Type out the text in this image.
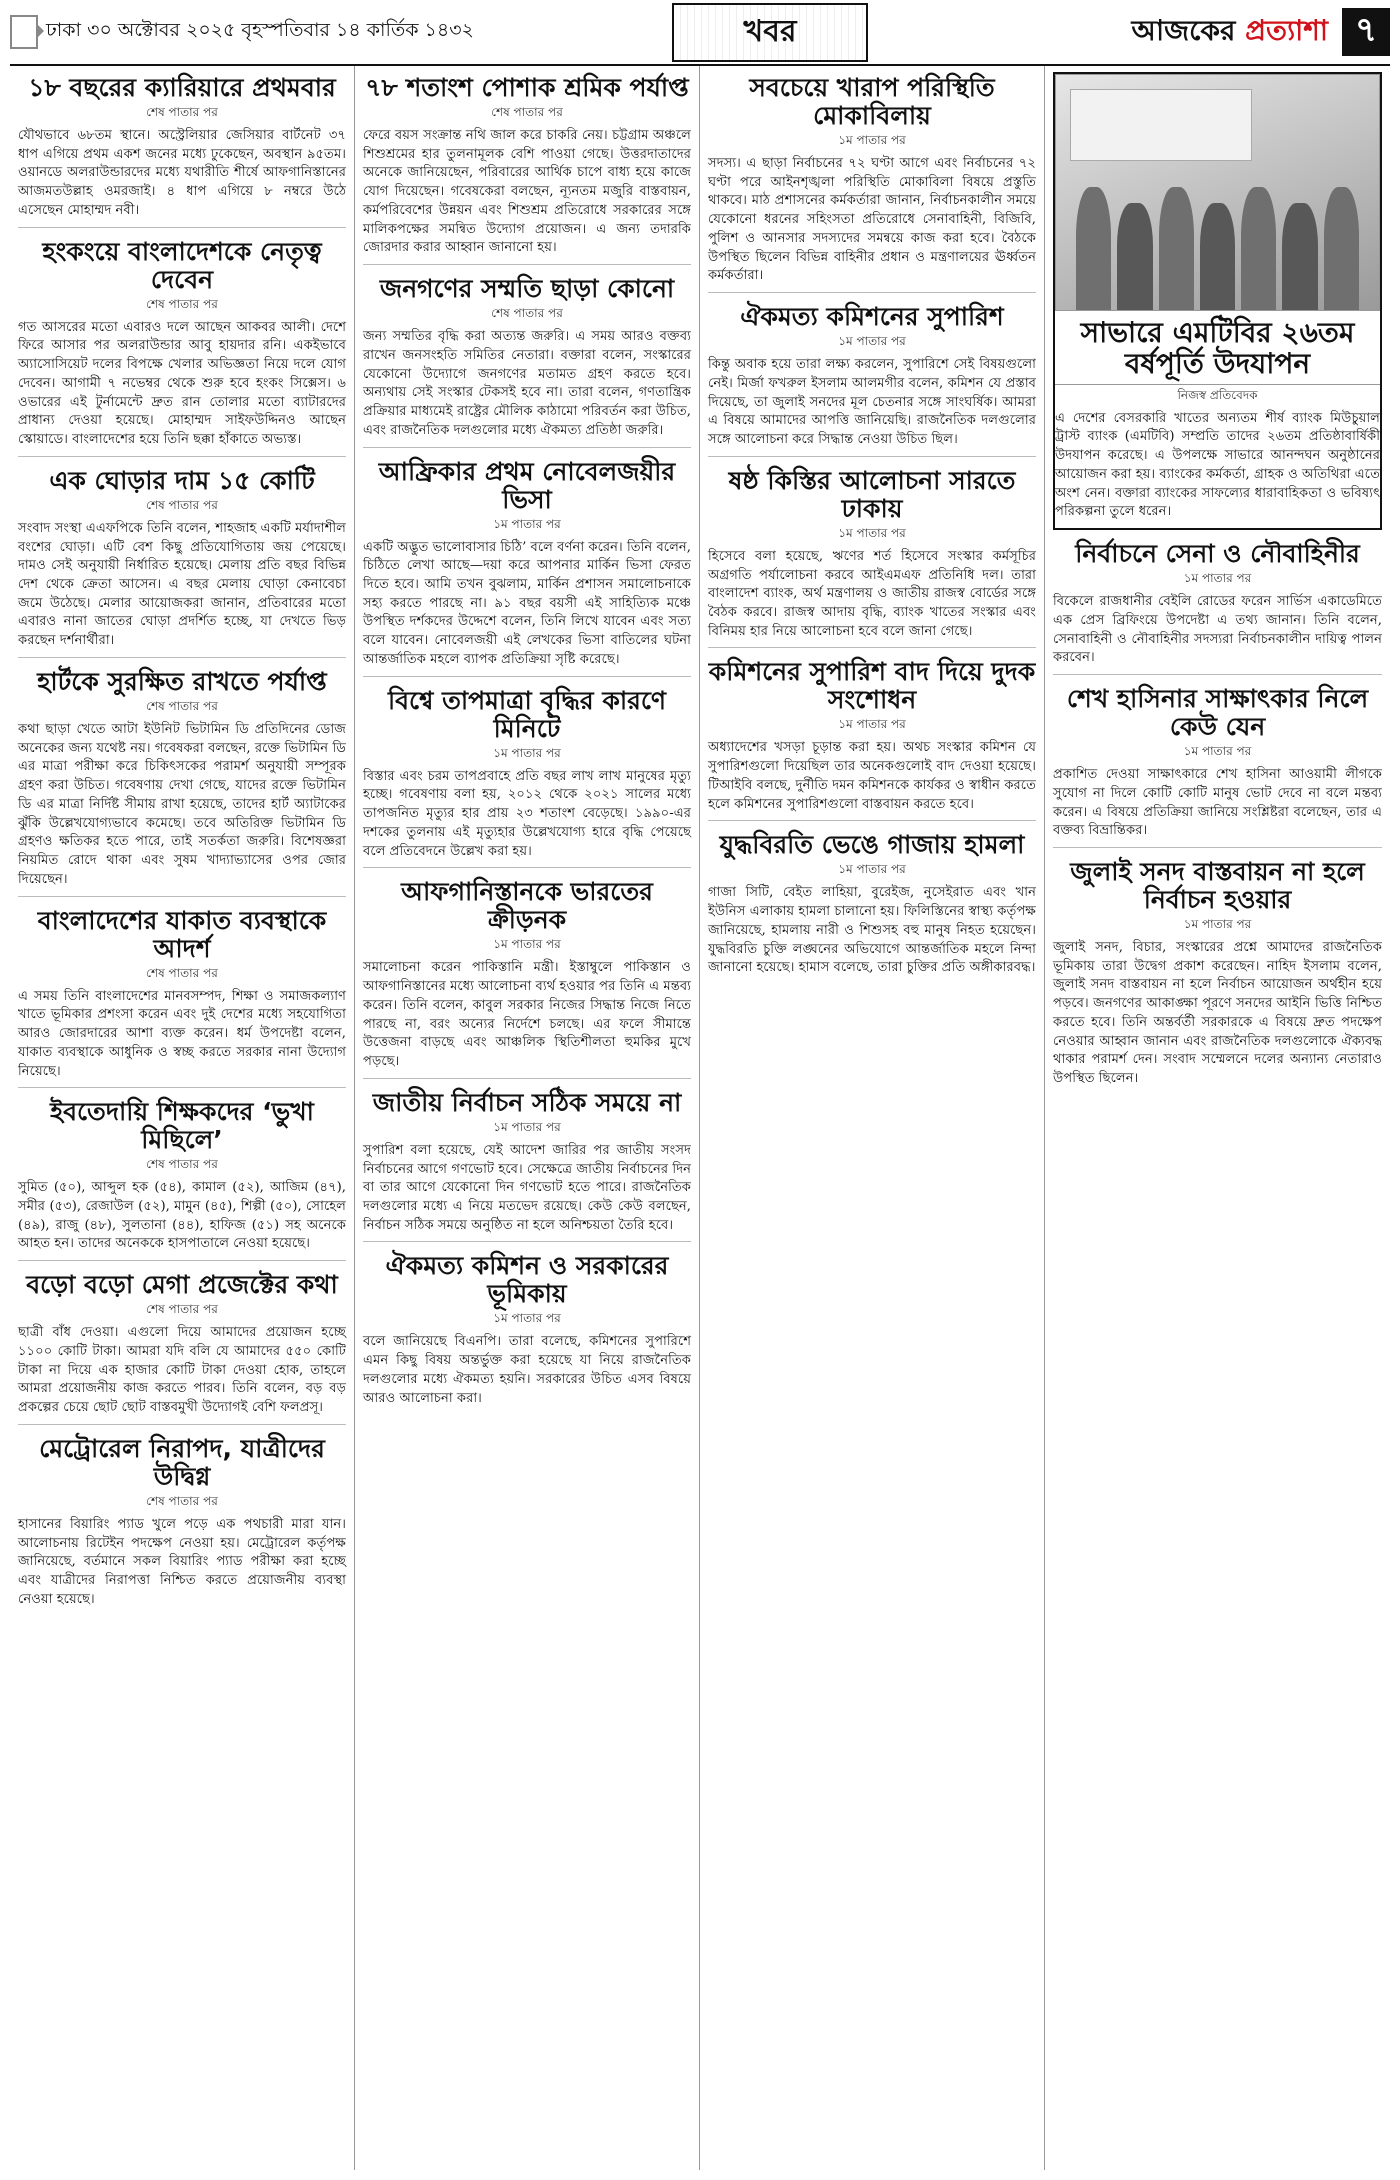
ঢাকা ৩০ অক্টোবর ২০২৫ বৃহস্পতিবার ১৪ কার্তিক ১৪৩২	খবর	আজকের প্রত্যাশা ৭
১৮ বছরের ক্যারিয়ারে প্রথমবার
শেষ পাতার পর

যৌথভাবে ৬৮তম স্থানে। অস্ট্রেলিয়ার জেসিয়ার বার্টনেট ৩৭ ধাপ এগিয়ে প্রথম একশ জনের মধ্যে ঢুকেছেন, অবস্থান ৯৫তম। ওয়ানডে অলরাউন্ডারদের মধ্যে যথারীতি শীর্ষে আফগানিস্তানের আজমতউল্লাহ ওমরজাই। ৪ ধাপ এগিয়ে ৮ নম্বরে উঠে এসেছেন মোহাম্মদ নবী।

হংকংয়ে বাংলাদেশকে নেতৃত্ব দেবেন
শেষ পাতার পর

গত আসরের মতো এবারও দলে আছেন আকবর আলী। দেশে ফিরে আসার পর অলরাউন্ডার আবু হায়দার রনি। একইভাবে অ্যাসোসিয়েট দলের বিপক্ষে খেলার অভিজ্ঞতা নিয়ে দলে যোগ দেবেন। আগামী ৭ নভেম্বর থেকে শুরু হবে হংকং সিক্সেস। ৬ ওভারের এই টুর্নামেন্টে দ্রুত রান তোলার মতো ব্যাটারদের প্রাধান্য দেওয়া হয়েছে। মোহাম্মদ সাইফউদ্দিনও আছেন স্কোয়াডে। বাংলাদেশের হয়ে তিনি ছক্কা হাঁকাতে অভ্যস্ত।

এক ঘোড়ার দাম ১৫ কোটি
শেষ পাতার পর

সংবাদ সংস্থা এএফপিকে তিনি বলেন, শাহজাহ একটি মর্যাদাশীল বংশের ঘোড়া। এটি বেশ কিছু প্রতিযোগিতায় জয় পেয়েছে। দামও সেই অনুযায়ী নির্ধারিত হয়েছে। মেলায় প্রতি বছর বিভিন্ন দেশ থেকে ক্রেতা আসেন। এ বছর মেলায় ঘোড়া কেনাবেচা জমে উঠেছে। মেলার আয়োজকরা জানান, প্রতিবারের মতো এবারও নানা জাতের ঘোড়া প্রদর্শিত হচ্ছে, যা দেখতে ভিড় করছেন দর্শনার্থীরা।

হার্টকে সুরক্ষিত রাখতে পর্যাপ্ত
শেষ পাতার পর

কথা ছাড়া খেতে আটা ইউনিট ভিটামিন ডি প্রতিদিনের ডোজ অনেকের জন্য যথেষ্ট নয়। গবেষকরা বলছেন, রক্তে ভিটামিন ডি এর মাত্রা পরীক্ষা করে চিকিৎসকের পরামর্শ অনুযায়ী সম্পূরক গ্রহণ করা উচিত। গবেষণায় দেখা গেছে, যাদের রক্তে ভিটামিন ডি এর মাত্রা নির্দিষ্ট সীমায় রাখা হয়েছে, তাদের হার্ট অ্যাটাকের ঝুঁকি উল্লেখযোগ্যভাবে কমেছে। তবে অতিরিক্ত ভিটামিন ডি গ্রহণও ক্ষতিকর হতে পারে, তাই সতর্কতা জরুরি। বিশেষজ্ঞরা নিয়মিত রোদে থাকা এবং সুষম খাদ্যাভ্যাসের ওপর জোর দিয়েছেন।

বাংলাদেশের যাকাত ব্যবস্থাকে আদর্শ
শেষ পাতার পর

এ সময় তিনি বাংলাদেশের মানবসম্পদ, শিক্ষা ও সমাজকল্যাণ খাতে ভূমিকার প্রশংসা করেন এবং দুই দেশের মধ্যে সহযোগিতা আরও জোরদারের আশা ব্যক্ত করেন। ধর্ম উপদেষ্টা বলেন, যাকাত ব্যবস্থাকে আধুনিক ও স্বচ্ছ করতে সরকার নানা উদ্যোগ নিয়েছে।

ইবতেদায়ি শিক্ষকদের ‘ভুখা মিছিলে’
শেষ পাতার পর

সুমিত (৫০), আব্দুল হক (৫৪), কামাল (৫২), আজিম (৪৭), সমীর (৫৩), রেজাউল (৫২), মামুন (৪৫), শিল্পী (৫০), সোহেল (৪৯), রাজু (৪৮), সুলতানা (৪৪), হাফিজ (৫১) সহ অনেকে আহত হন। তাদের অনেককে হাসপাতালে নেওয়া হয়েছে।

বড়ো বড়ো মেগা প্রজেক্টের কথা
শেষ পাতার পর

ছাত্রী বাঁধ দেওয়া। এগুলো দিয়ে আমাদের প্রয়োজন হচ্ছে ১১০০ কোটি টাকা। আমরা যদি বলি যে আমাদের ৫৫০ কোটি টাকা না দিয়ে এক হাজার কোটি টাকা দেওয়া হোক, তাহলে আমরা প্রয়োজনীয় কাজ করতে পারব। তিনি বলেন, বড় বড় প্রকল্পের চেয়ে ছোট ছোট বাস্তবমুখী উদ্যোগই বেশি ফলপ্রসূ।

মেট্রোরেল নিরাপদ, যাত্রীদের উদ্বিগ্ন
শেষ পাতার পর

হাসানের বিয়ারিং প্যাড খুলে পড়ে এক পথচারী মারা যান। আলোচনায় রিটেইন পদক্ষেপ নেওয়া হয়। মেট্রোরেল কর্তৃপক্ষ জানিয়েছে, বর্তমানে সকল বিয়ারিং প্যাড পরীক্ষা করা হচ্ছে এবং যাত্রীদের নিরাপত্তা নিশ্চিত করতে প্রয়োজনীয় ব্যবস্থা নেওয়া হয়েছে।

৭৮ শতাংশ পোশাক শ্রমিক পর্যাপ্ত
শেষ পাতার পর

ফেরে বয়স সংক্রান্ত নথি জাল করে চাকরি নেয়। চট্টগ্রাম অঞ্চলে শিশুশ্রমের হার তুলনামূলক বেশি পাওয়া গেছে। উত্তরদাতাদের অনেকে জানিয়েছেন, পরিবারের আর্থিক চাপে বাধ্য হয়ে কাজে যোগ দিয়েছেন। গবেষকেরা বলছেন, ন্যূনতম মজুরি বাস্তবায়ন, কর্মপরিবেশের উন্নয়ন এবং শিশুশ্রম প্রতিরোধে সরকারের সঙ্গে মালিকপক্ষের সমন্বিত উদ্যোগ প্রয়োজন। এ জন্য তদারকি জোরদার করার আহ্বান জানানো হয়।

জনগণের সম্মতি ছাড়া কোনো
শেষ পাতার পর

জন্য সম্মতির বৃদ্ধি করা অত্যন্ত জরুরি। এ সময় আরও বক্তব্য রাখেন জনসংহতি সমিতির নেতারা। বক্তারা বলেন, সংস্কারের যেকোনো উদ্যোগে জনগণের মতামত গ্রহণ করতে হবে। অন্যথায় সেই সংস্কার টেকসই হবে না। তারা বলেন, গণতান্ত্রিক প্রক্রিয়ার মাধ্যমেই রাষ্ট্রের মৌলিক কাঠামো পরিবর্তন করা উচিত, এবং রাজনৈতিক দলগুলোর মধ্যে ঐকমত্য প্রতিষ্ঠা জরুরি।

আফ্রিকার প্রথম নোবেলজয়ীর ভিসা
১ম পাতার পর

একটি অদ্ভুত ভালোবাসার চিঠি’ বলে বর্ণনা করেন। তিনি বলেন, চিঠিতে লেখা আছে—দয়া করে আপনার মার্কিন ভিসা ফেরত দিতে হবে। আমি তখন বুঝলাম, মার্কিন প্রশাসন সমালোচনাকে সহ্য করতে পারছে না। ৯১ বছর বয়সী এই সাহিত্যিক মঞ্চে উপস্থিত দর্শকদের উদ্দেশে বলেন, তিনি লিখে যাবেন এবং সত্য বলে যাবেন। নোবেলজয়ী এই লেখকের ভিসা বাতিলের ঘটনা আন্তর্জাতিক মহলে ব্যাপক প্রতিক্রিয়া সৃষ্টি করেছে।

বিশ্বে তাপমাত্রা বৃদ্ধির কারণে মিনিটে
১ম পাতার পর

বিস্তার এবং চরম তাপপ্রবাহে প্রতি বছর লাখ লাখ মানুষের মৃত্যু হচ্ছে। গবেষণায় বলা হয়, ২০১২ থেকে ২০২১ সালের মধ্যে তাপজনিত মৃত্যুর হার প্রায় ২৩ শতাংশ বেড়েছে। ১৯৯০-এর দশকের তুলনায় এই মৃত্যুহার উল্লেখযোগ্য হারে বৃদ্ধি পেয়েছে বলে প্রতিবেদনে উল্লেখ করা হয়।

আফগানিস্তানকে ভারতের ক্রীড়নক
১ম পাতার পর

সমালোচনা করেন পাকিস্তানি মন্ত্রী। ইস্তাম্বুলে পাকিস্তান ও আফগানিস্তানের মধ্যে আলোচনা ব্যর্থ হওয়ার পর তিনি এ মন্তব্য করেন। তিনি বলেন, কাবুল সরকার নিজের সিদ্ধান্ত নিজে নিতে পারছে না, বরং অন্যের নির্দেশে চলছে। এর ফলে সীমান্তে উত্তেজনা বাড়ছে এবং আঞ্চলিক স্থিতিশীলতা হুমকির মুখে পড়ছে।

জাতীয় নির্বাচন সঠিক সময়ে না
১ম পাতার পর

সুপারিশ বলা হয়েছে, যেই আদেশ জারির পর জাতীয় সংসদ নির্বাচনের আগে গণভোট হবে। সেক্ষেত্রে জাতীয় নির্বাচনের দিন বা তার আগে যেকোনো দিন গণভোট হতে পারে। রাজনৈতিক দলগুলোর মধ্যে এ নিয়ে মতভেদ রয়েছে। কেউ কেউ বলছেন, নির্বাচন সঠিক সময়ে অনুষ্ঠিত না হলে অনিশ্চয়তা তৈরি হবে।

ঐকমত্য কমিশন ও সরকারের ভূমিকায়
১ম পাতার পর

বলে জানিয়েছে বিএনপি। তারা বলেছে, কমিশনের সুপারিশে এমন কিছু বিষয় অন্তর্ভুক্ত করা হয়েছে যা নিয়ে রাজনৈতিক দলগুলোর মধ্যে ঐকমত্য হয়নি। সরকারের উচিত এসব বিষয়ে আরও আলোচনা করা।

সবচেয়ে খারাপ পরিস্থিতি মোকাবিলায়
১ম পাতার পর

সদস্য। এ ছাড়া নির্বাচনের ৭২ ঘণ্টা আগে এবং নির্বাচনের ৭২ ঘণ্টা পরে আইনশৃঙ্খলা পরিস্থিতি মোকাবিলা বিষয়ে প্রস্তুতি থাকবে। মাঠ প্রশাসনের কর্মকর্তারা জানান, নির্বাচনকালীন সময়ে যেকোনো ধরনের সহিংসতা প্রতিরোধে সেনাবাহিনী, বিজিবি, পুলিশ ও আনসার সদস্যদের সমন্বয়ে কাজ করা হবে। বৈঠকে উপস্থিত ছিলেন বিভিন্ন বাহিনীর প্রধান ও মন্ত্রণালয়ের ঊর্ধ্বতন কর্মকর্তারা।

ঐকমত্য কমিশনের সুপারিশ
১ম পাতার পর

কিন্তু অবাক হয়ে তারা লক্ষ্য করলেন, সুপারিশে সেই বিষয়গুলো নেই। মির্জা ফখরুল ইসলাম আলমগীর বলেন, কমিশন যে প্রস্তাব দিয়েছে, তা জুলাই সনদের মূল চেতনার সঙ্গে সাংঘর্ষিক। আমরা এ বিষয়ে আমাদের আপত্তি জানিয়েছি। রাজনৈতিক দলগুলোর সঙ্গে আলোচনা করে সিদ্ধান্ত নেওয়া উচিত ছিল।

ষষ্ঠ কিস্তির আলোচনা সারতে ঢাকায়
১ম পাতার পর

হিসেবে বলা হয়েছে, ঋণের শর্ত হিসেবে সংস্কার কর্মসূচির অগ্রগতি পর্যালোচনা করবে আইএমএফ প্রতিনিধি দল। তারা বাংলাদেশ ব্যাংক, অর্থ মন্ত্রণালয় ও জাতীয় রাজস্ব বোর্ডের সঙ্গে বৈঠক করবে। রাজস্ব আদায় বৃদ্ধি, ব্যাংক খাতের সংস্কার এবং বিনিময় হার নিয়ে আলোচনা হবে বলে জানা গেছে।

কমিশনের সুপারিশ বাদ দিয়ে দুদক সংশোধন
১ম পাতার পর

অধ্যাদেশের খসড়া চূড়ান্ত করা হয়। অথচ সংস্কার কমিশন যে সুপারিশগুলো দিয়েছিল তার অনেকগুলোই বাদ দেওয়া হয়েছে। টিআইবি বলছে, দুর্নীতি দমন কমিশনকে কার্যকর ও স্বাধীন করতে হলে কমিশনের সুপারিশগুলো বাস্তবায়ন করতে হবে।

যুদ্ধবিরতি ভেঙে গাজায় হামলা
১ম পাতার পর

গাজা সিটি, বেইত লাহিয়া, বুরেইজ, নুসেইরাত এবং খান ইউনিস এলাকায় হামলা চালানো হয়। ফিলিস্তিনের স্বাস্থ্য কর্তৃপক্ষ জানিয়েছে, হামলায় নারী ও শিশুসহ বহু মানুষ নিহত হয়েছেন। যুদ্ধবিরতি চুক্তি লঙ্ঘনের অভিযোগে আন্তর্জাতিক মহলে নিন্দা জানানো হয়েছে। হামাস বলেছে, তারা চুক্তির প্রতি অঙ্গীকারবদ্ধ।

সাভারে এমটিবির ২৬তম বর্ষপূর্তি উদযাপন
নিজস্ব প্রতিবেদক

এ দেশের বেসরকারি খাতের অন্যতম শীর্ষ ব্যাংক মিউচুয়াল ট্রাস্ট ব্যাংক (এমটিবি) সম্প্রতি তাদের ২৬তম প্রতিষ্ঠাবার্ষিকী উদযাপন করেছে। এ উপলক্ষে সাভারে আনন্দঘন অনুষ্ঠানের আয়োজন করা হয়। ব্যাংকের কর্মকর্তা, গ্রাহক ও অতিথিরা এতে অংশ নেন। বক্তারা ব্যাংকের সাফল্যের ধারাবাহিকতা ও ভবিষ্যৎ পরিকল্পনা তুলে ধরেন।

নির্বাচনে সেনা ও নৌবাহিনীর
১ম পাতার পর

বিকেলে রাজধানীর বেইলি রোডের ফরেন সার্ভিস একাডেমিতে এক প্রেস ব্রিফিংয়ে উপদেষ্টা এ তথ্য জানান। তিনি বলেন, সেনাবাহিনী ও নৌবাহিনীর সদস্যরা নির্বাচনকালীন দায়িত্ব পালন করবেন।

শেখ হাসিনার সাক্ষাৎকার নিলে কেউ যেন
১ম পাতার পর

প্রকাশিত দেওয়া সাক্ষাৎকারে শেখ হাসিনা আওয়ামী লীগকে সুযোগ না দিলে কোটি কোটি মানুষ ভোট দেবে না বলে মন্তব্য করেন। এ বিষয়ে প্রতিক্রিয়া জানিয়ে সংশ্লিষ্টরা বলেছেন, তার এ বক্তব্য বিভ্রান্তিকর।

জুলাই সনদ বাস্তবায়ন না হলে নির্বাচন হওয়ার
১ম পাতার পর

জুলাই সনদ, বিচার, সংস্কারের প্রশ্নে আমাদের রাজনৈতিক ভূমিকায় তারা উদ্বেগ প্রকাশ করেছেন। নাহিদ ইসলাম বলেন, জুলাই সনদ বাস্তবায়ন না হলে নির্বাচন আয়োজন অর্থহীন হয়ে পড়বে। জনগণের আকাঙ্ক্ষা পূরণে সনদের আইনি ভিত্তি নিশ্চিত করতে হবে। তিনি অন্তর্বর্তী সরকারকে এ বিষয়ে দ্রুত পদক্ষেপ নেওয়ার আহ্বান জানান এবং রাজনৈতিক দলগুলোকে ঐক্যবদ্ধ থাকার পরামর্শ দেন। সংবাদ সম্মেলনে দলের অন্যান্য নেতারাও উপস্থিত ছিলেন।
